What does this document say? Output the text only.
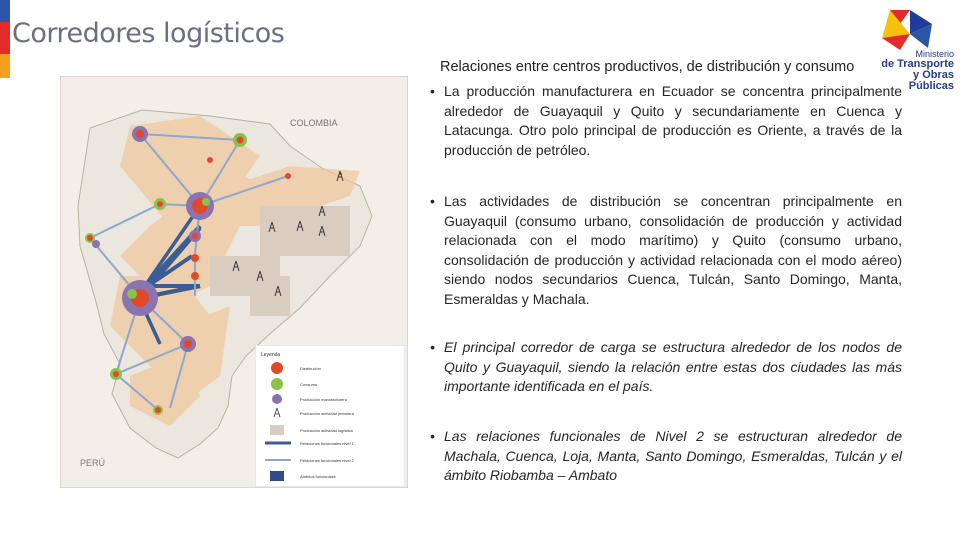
Corredores logísticos
Ministerio
de Transporte
y Obras Públicas
COLOMBIA
PERÚ
Leyenda
Distribución
Consumo
Producción manufacturera
Producción actividad petrolera
Producción actividad logística
Relaciones funcionales nivel 1
Relaciones funcionales nivel 2
Ámbitos funcionales
Relaciones entre centros productivos, de distribución y consumo
• La producción manufacturera en Ecuador se concentra principalmente alrededor de Guayaquil y Quito y secundariamente en Cuenca y Latacunga. Otro polo principal de producción es Oriente, a través de la producción de petróleo.
• Las actividades de distribución se concentran principalmente en Guayaquil (consumo urbano, consolidación de producción y actividad relacionada con el modo marítimo) y Quito (consumo urbano, consolidación de producción y actividad relacionada con el modo aéreo) siendo nodos secundarios Cuenca, Tulcán, Santo Domingo, Manta, Esmeraldas y Machala.
• El principal corredor de carga se estructura alrededor de los nodos de Quito y Guayaquil, siendo la relación entre estas dos ciudades las más importante identificada en el país.
• Las relaciones funcionales de Nivel 2 se estructuran alrededor de Machala, Cuenca, Loja, Manta, Santo Domingo, Esmeraldas, Tulcán y el ámbito Riobamba – Ambato
